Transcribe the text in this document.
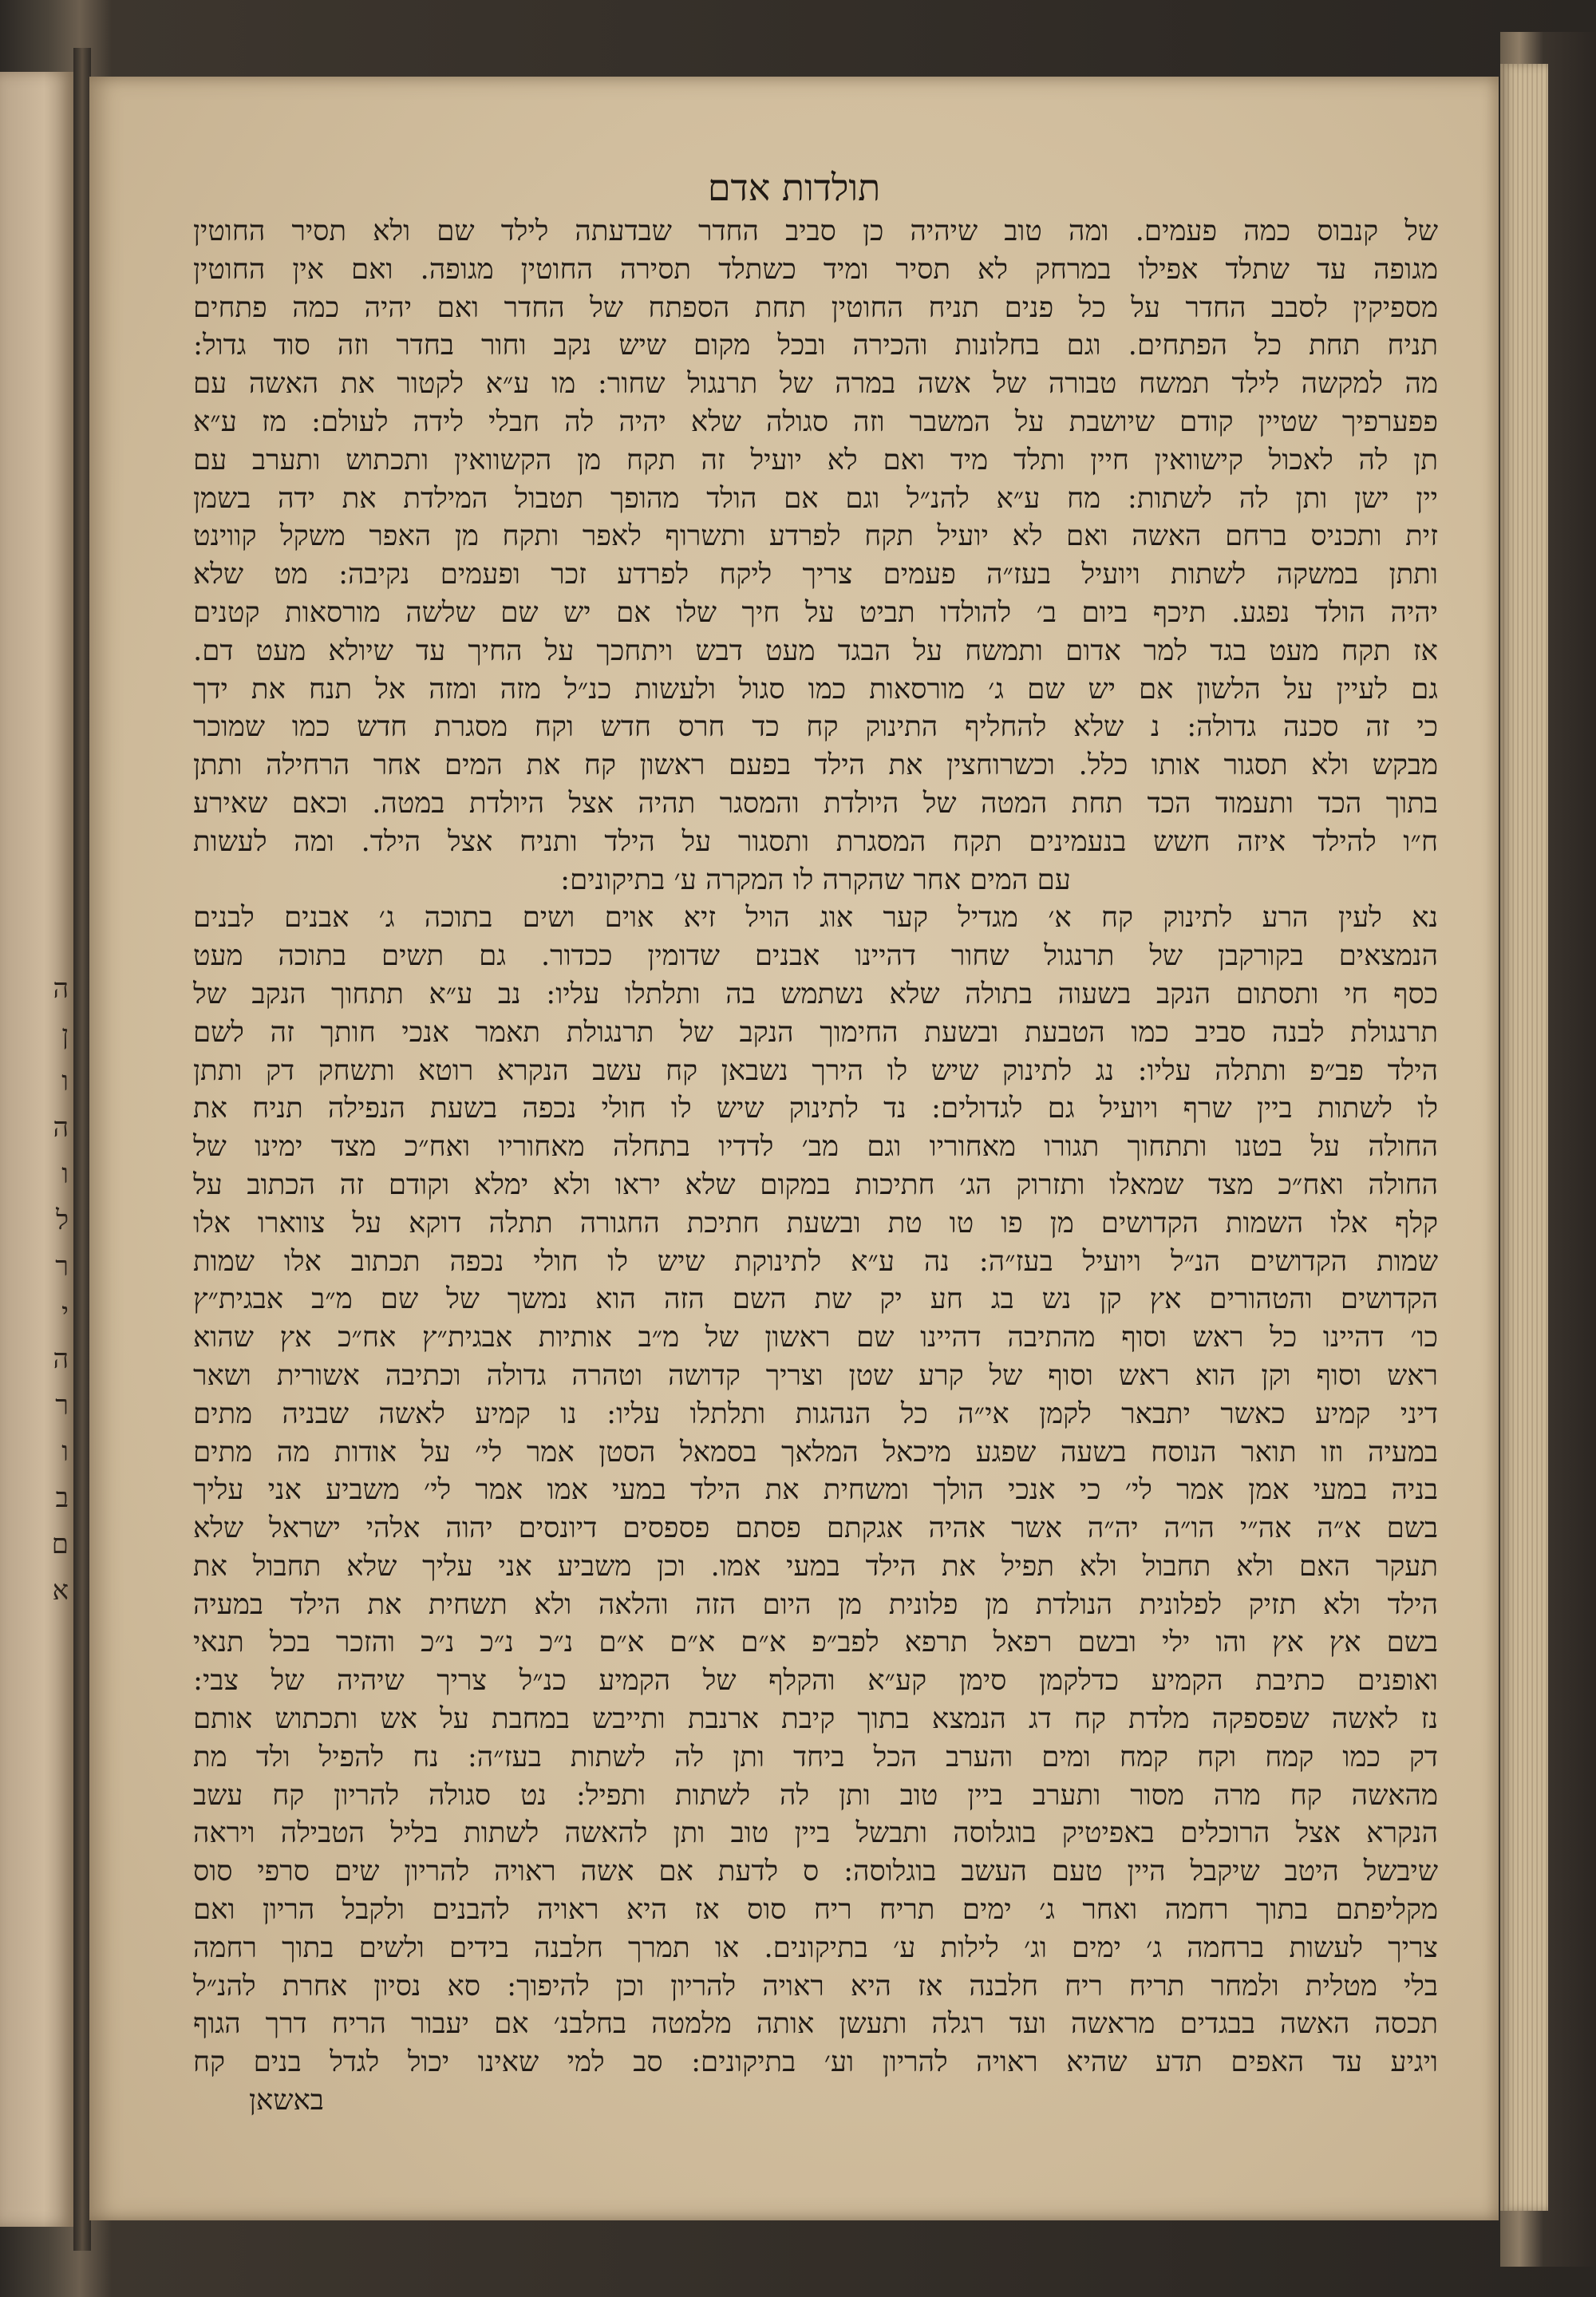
ה
ן
ו
ה
ו
ל
ר
י
ה
ר
ו
ב
ם
א
תולדות אדם
של קנבוס כמה פעמים. ומה טוב שיהיה כן סביב החדר שבדעתה לילד שם ולא תסיר החוטין
מגופה עד שתלד אפילו במרחק לא תסיר ומיד כשתלד תסירה החוטין מגופה. ואם אין החוטין
מספיקין לסבב החדר על כל פנים תניח החוטין תחת הספתח של החדר ואם יהיה כמה פתחים
תניח תחת כל הפתחים. וגם בחלונות והכירה ובכל מקום שיש נקב וחור בחדר וזה סוד גדול:
מה למקשה לילד תמשח טבורה של אשה במרה של תרנגול שחור: מו ע״א לקטור את האשה עם
פפערפיך שטיין קודם שיושבת על המשבר וזה סגולה שלא יהיה לה חבלי לידה לעולם: מז ע״א
תן לה לאכול קישוואין חיין ותלד מיד ואם לא יועיל זה תקח מן הקשוואין ותכתוש ותערב עם
יין ישן ותן לה לשתות: מח ע״א להנ״ל וגם אם הולד מהופך תטבול המילדת את ידה בשמן
זית ותכניס ברחם האשה ואם לא יועיל תקח לפרדע ותשרוף לאפר ותקח מן האפר משקל קווינט
ותתן במשקה לשתות ויועיל בעז״ה פעמים צריך ליקח לפרדע זכר ופעמים נקיבה: מט שלא
יהיה הולד נפגע. תיכף ביום ב׳ להולדו תביט על חיך שלו אם יש שם שלשה מורסאות קטנים
אז תקח מעט בגד למר אדום ותמשח על הבגד מעט דבש ויתחכך על החיך עד שיולא מעט דם.
גם לעיין על הלשון אם יש שם ג׳ מורסאות כמו סגול ולעשות כנ״ל מזה ומזה אל תנח את ידך
כי זה סכנה גדולה: נ שלא להחליף התינוק קח כד חרס חדש וקח מסגרת חדש כמו שמוכר
מבקש ולא תסגור אותו כלל. וכשרוחצין את הילד בפעם ראשון קח את המים אחר הרחילה ותתן
בתוך הכד ותעמוד הכד תחת המטה של היולדת והמסגר תהיה אצל היולדת במטה. וכאם שאירע
ח״ו להילד איזה חשש בנעמינים תקח המסגרת ותסגור על הילד ותניח אצל הילד. ומה לעשות
עם המים אחר שהקרה לו המקרה ע׳ בתיקונים:
נא לעין הרע לתינוק קח א׳ מגדיל קער אוג הויל זיא אוים ושים בתוכה ג׳ אבנים לבנים
הנמצאים בקורקבן של תרנגול שחור דהיינו אבנים שדומין ככדור. גם תשים בתוכה מעט
כסף חי ותסתום הנקב בשעוה בתולה שלא נשתמש בה ותלתלו עליו: נב ע״א תתחוך הנקב של
תרנגולת לבנה סביב כמו הטבעת ובשעת החימוך הנקב של תרנגולת תאמר אנכי חותך זה לשם
הילד פב״פ ותתלה עליו: נג לתינוק שיש לו הירך נשבאן קח עשב הנקרא רוטא ותשחק דק ותתן
לו לשתות ביין שרף ויועיל גם לגדולים: נד לתינוק שיש לו חולי נכפה בשעת הנפילה תניח את
החולה על בטנו ותתחוך תגורו מאחוריו וגם מב׳ לדדיו בתחלה מאחוריו ואח״כ מצד ימינו של
החולה ואח״כ מצד שמאלו ותזרוק הג׳ חתיכות במקום שלא יראו ולא ימלא וקודם זה הכתוב על
קלף אלו השמות הקדושים מן פו טו טת ובשעת חתיכת החגורה תתלה דוקא על צווארו אלו
שמות הקדושים הנ״ל ויועיל בעז״ה: נה ע״א לתינוקת שיש לו חולי נכפה תכתוב אלו שמות
הקדושים והטהורים אץ קן נש בג חע יק שת השם הזה הוא נמשך של שם מ״ב אבגית״ץ
כו׳ דהיינו כל ראש וסוף מהתיבה דהיינו שם ראשון של מ״ב אותיות אבגית״ץ אח״כ אץ שהוא
ראש וסוף וקן הוא ראש וסוף של קרע שטן וצריך קדושה וטהרה גדולה וכתיבה אשורית ושאר
דיני קמיע כאשר יתבאר לקמן אי״ה כל הנהגות ותלתלו עליו: נו קמיע לאשה שבניה מתים
במעיה וזו תואר הנוסח בשעה שפגע מיכאל המלאך בסמאל הסטן אמר לי׳ על אודות מה מתים
בניה במעי אמן אמר לי׳ כי אנכי הולך ומשחית את הילד במעי אמו אמר לי׳ משביע אני עליך
בשם א״ה אה״י הו״ה יה״ה אשר אהיה אגקתם פסתם פספסים דיונסים יהוה אלהי ישראל שלא
תעקר האם ולא תחבול ולא תפיל את הילד במעי אמו. וכן משביע אני עליך שלא תחבול את
הילד ולא תזיק לפלונית הנולדת מן פלונית מן היום הזה והלאה ולא תשחית את הילד במעיה
בשם אץ אץ והו ילי ובשם רפאל תרפא לפב״פ א״ם א״ם א״ם נ״כ נ״כ נ״כ והזכר בכל תנאי
ואופנים כתיבת הקמיע כדלקמן סימן קע״א והקלף של הקמיע כנ״ל צריך שיהיה של צבי:
נז לאשה שפספקה מלדת קח דג הנמצא בתוך קיבת ארנבת ותייבש במחבת על אש ותכתוש אותם
דק כמו קמח וקח קמח ומים והערב הכל ביחד ותן לה לשתות בעז״ה: נח להפיל ולד מת
מהאשה קח מרה מסור ותערב ביין טוב ותן לה לשתות ותפיל: נט סגולה להריון קח עשב
הנקרא אצל הרוכלים באפיטיק בוגלוסה ותבשל ביין טוב ותן להאשה לשתות בליל הטבילה ויראה
שיבשל היטב שיקבל היין טעם העשב בוגלוסה: ס לדעת אם אשה ראויה להריון שים סרפי סוס
מקליפתם בתוך רחמה ואחר ג׳ ימים תריח ריח סוס אז היא ראויה להבנים ולקבל הריון ואם
צריך לעשות ברחמה ג׳ ימים וג׳ לילות ע׳ בתיקונים. או תמרך חלבנה בידים ולשים בתוך רחמה
בלי מטלית ולמחר תריח ריח חלבנה אז היא ראויה להריון וכן להיפוך: סא נסיון אחרת להנ״ל
תכסה האשה בבגדים מראשה ועד רגלה ותעשן אותה מלמטה בחלבנ׳ אם יעבור הריח דרך הגוף
ויגיע עד האפים תדע שהיא ראויה להריון וע׳ בתיקונים: סב למי שאינו יכול לגדל בנים קח
באשאן
